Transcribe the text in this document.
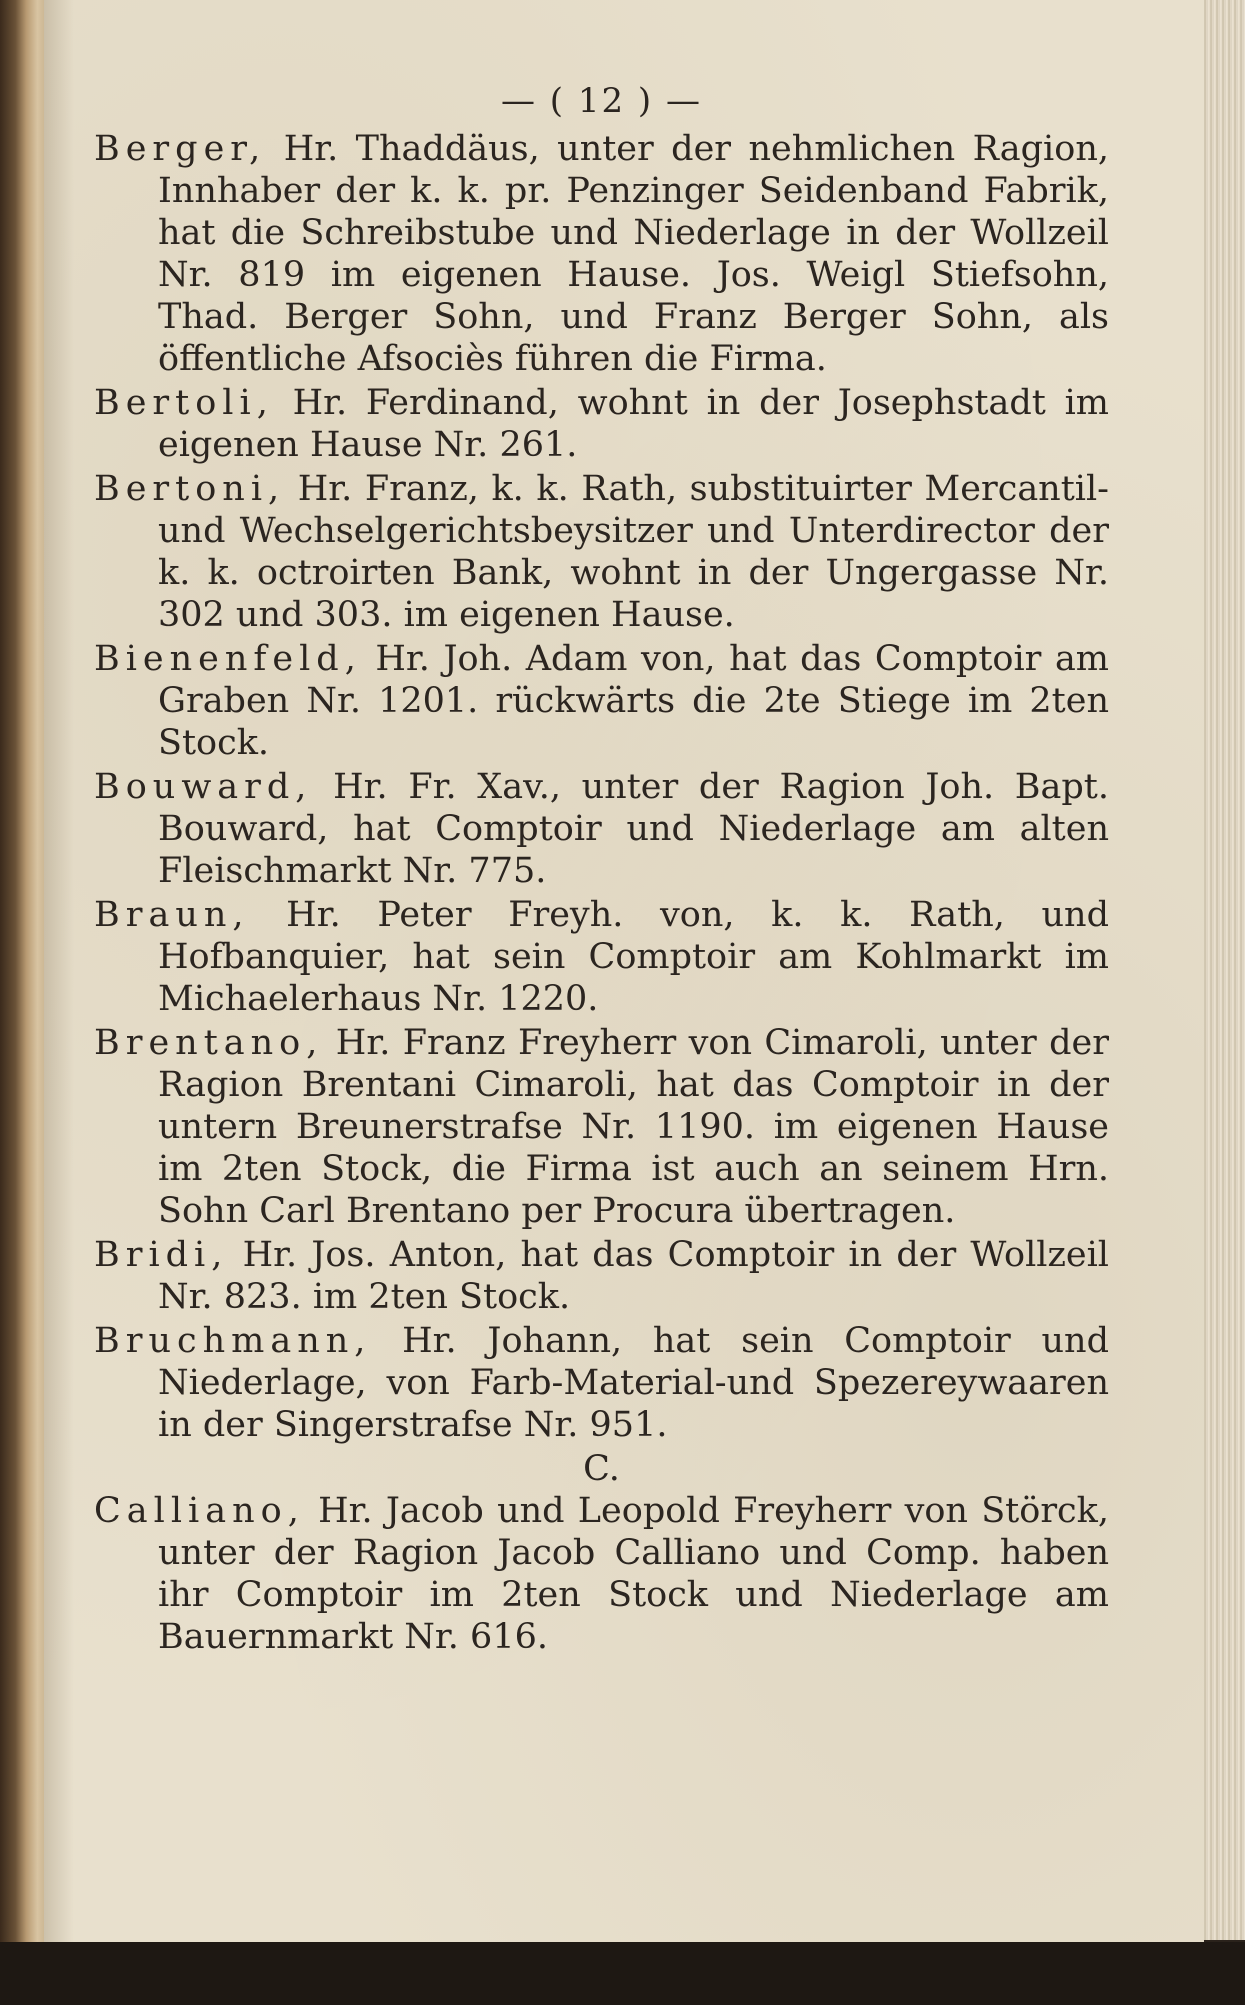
— ( 12 ) —

Berger, Hr. Thaddäus, unter der nehmlichen Ragion, Innhaber der k. k. pr. Penzinger Seidenband Fabrik, hat die Schreibstube und Niederlage in der Wollzeil Nr. 819 im eigenen Hause. Jos. Weigl Stiefsohn, Thad. Berger Sohn, und Franz Berger Sohn, als öffentliche Afsociès führen die Firma.

Bertoli, Hr. Ferdinand, wohnt in der Josephstadt im eigenen Hause Nr. 261.

Bertoni, Hr. Franz, k. k. Rath, substituirter Mercantil-und Wechselgerichtsbeysitzer und Unterdirector der k. k. octroirten Bank, wohnt in der Ungergasse Nr. 302 und 303. im eigenen Hause.

Bienenfeld, Hr. Joh. Adam von, hat das Comptoir am Graben Nr. 1201. rückwärts die 2te Stiege im 2ten Stock.

Bouward, Hr. Fr. Xav., unter der Ragion Joh. Bapt. Bouward, hat Comptoir und Niederlage am alten Fleischmarkt Nr. 775.

Braun, Hr. Peter Freyh. von, k. k. Rath, und Hofbanquier, hat sein Comptoir am Kohlmarkt im Michaelerhaus Nr. 1220.

Brentano, Hr. Franz Freyherr von Cimaroli, unter der Ragion Brentani Cimaroli, hat das Comptoir in der untern Breunerstrafse Nr. 1190. im eigenen Hause im 2ten Stock, die Firma ist auch an seinem Hrn. Sohn Carl Brentano per Procura übertragen.

Bridi, Hr. Jos. Anton, hat das Comptoir in der Wollzeil Nr. 823. im 2ten Stock.

Bruchmann, Hr. Johann, hat sein Comptoir und Niederlage, von Farb-Material-und Spezereywaaren in der Singerstrafse Nr. 951.

C.

Calliano, Hr. Jacob und Leopold Freyherr von Störck, unter der Ragion Jacob Calliano und Comp. haben ihr Comptoir im 2ten Stock und Niederlage am Bauernmarkt Nr. 616.
